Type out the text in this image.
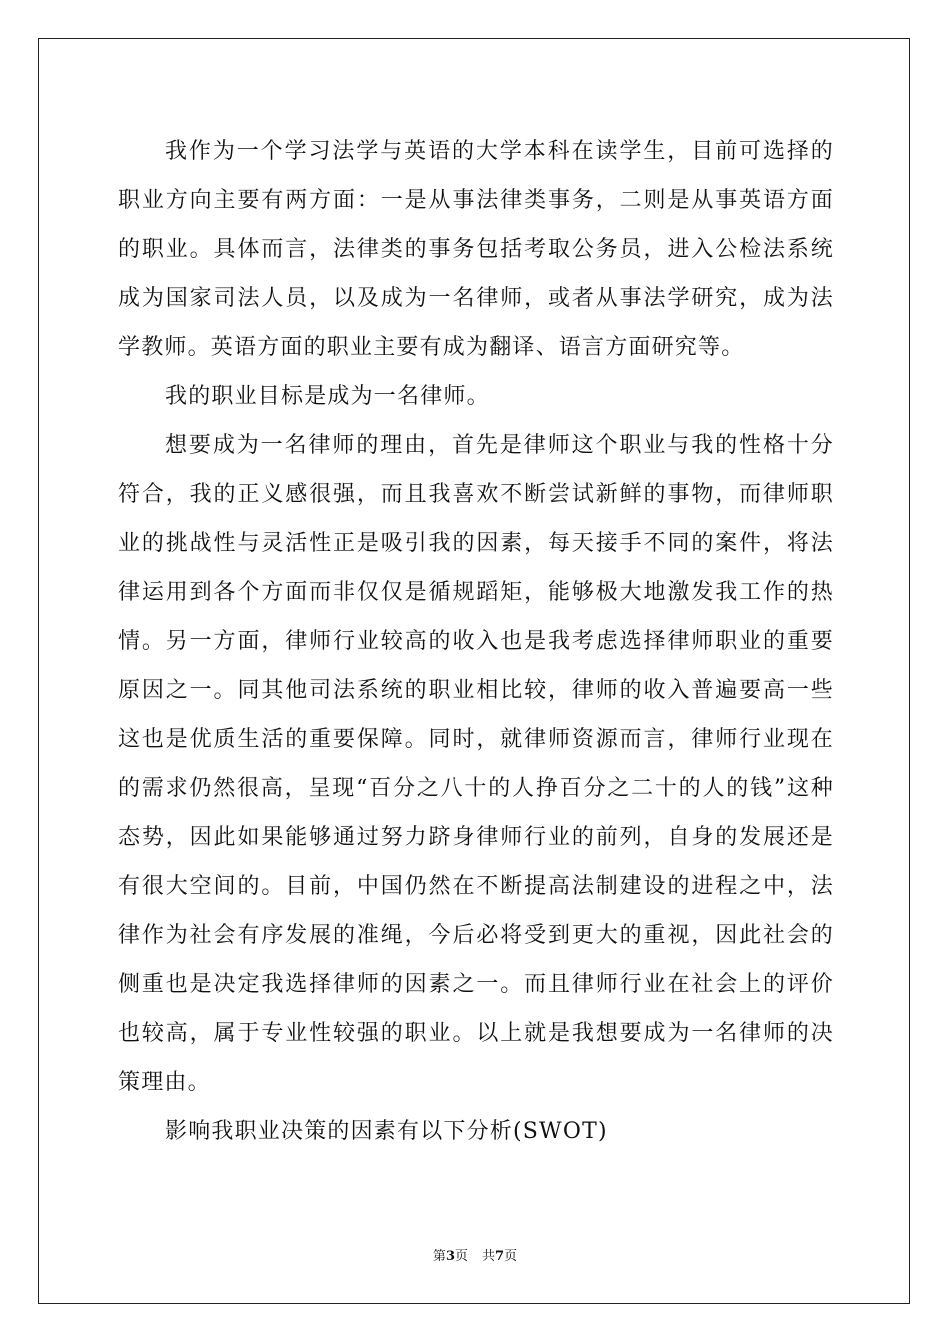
我作为一个学习法学与英语的大学本科在读学生，目前可选择的职业方向主要有两方面：一是从事法律类事务，二则是从事英语方面的职业。具体而言，法律类的事务包括考取公务员，进入公检法系统成为国家司法人员，以及成为一名律师，或者从事法学研究，成为法学教师。英语方面的职业主要有成为翻译、语言方面研究等。

我的职业目标是成为一名律师。

想要成为一名律师的理由，首先是律师这个职业与我的性格十分符合，我的正义感很强，而且我喜欢不断尝试新鲜的事物，而律师职业的挑战性与灵活性正是吸引我的因素，每天接手不同的案件，将法律运用到各个方面而非仅仅是循规蹈矩，能够极大地激发我工作的热情。另一方面，律师行业较高的收入也是我考虑选择律师职业的重要原因之一。同其他司法系统的职业相比较，律师的收入普遍要高一些这也是优质生活的重要保障。同时，就律师资源而言，律师行业现在的需求仍然很高，呈现“百分之八十的人挣百分之二十的人的钱”这种态势，因此如果能够通过努力跻身律师行业的前列，自身的发展还是有很大空间的。目前，中国仍然在不断提高法制建设的进程之中，法律作为社会有序发展的准绳，今后必将受到更大的重视，因此社会的侧重也是决定我选择律师的因素之一。而且律师行业在社会上的评价也较高，属于专业性较强的职业。以上就是我想要成为一名律师的决策理由。

影响我职业决策的因素有以下分析(SWOT)

第3页 共7页
